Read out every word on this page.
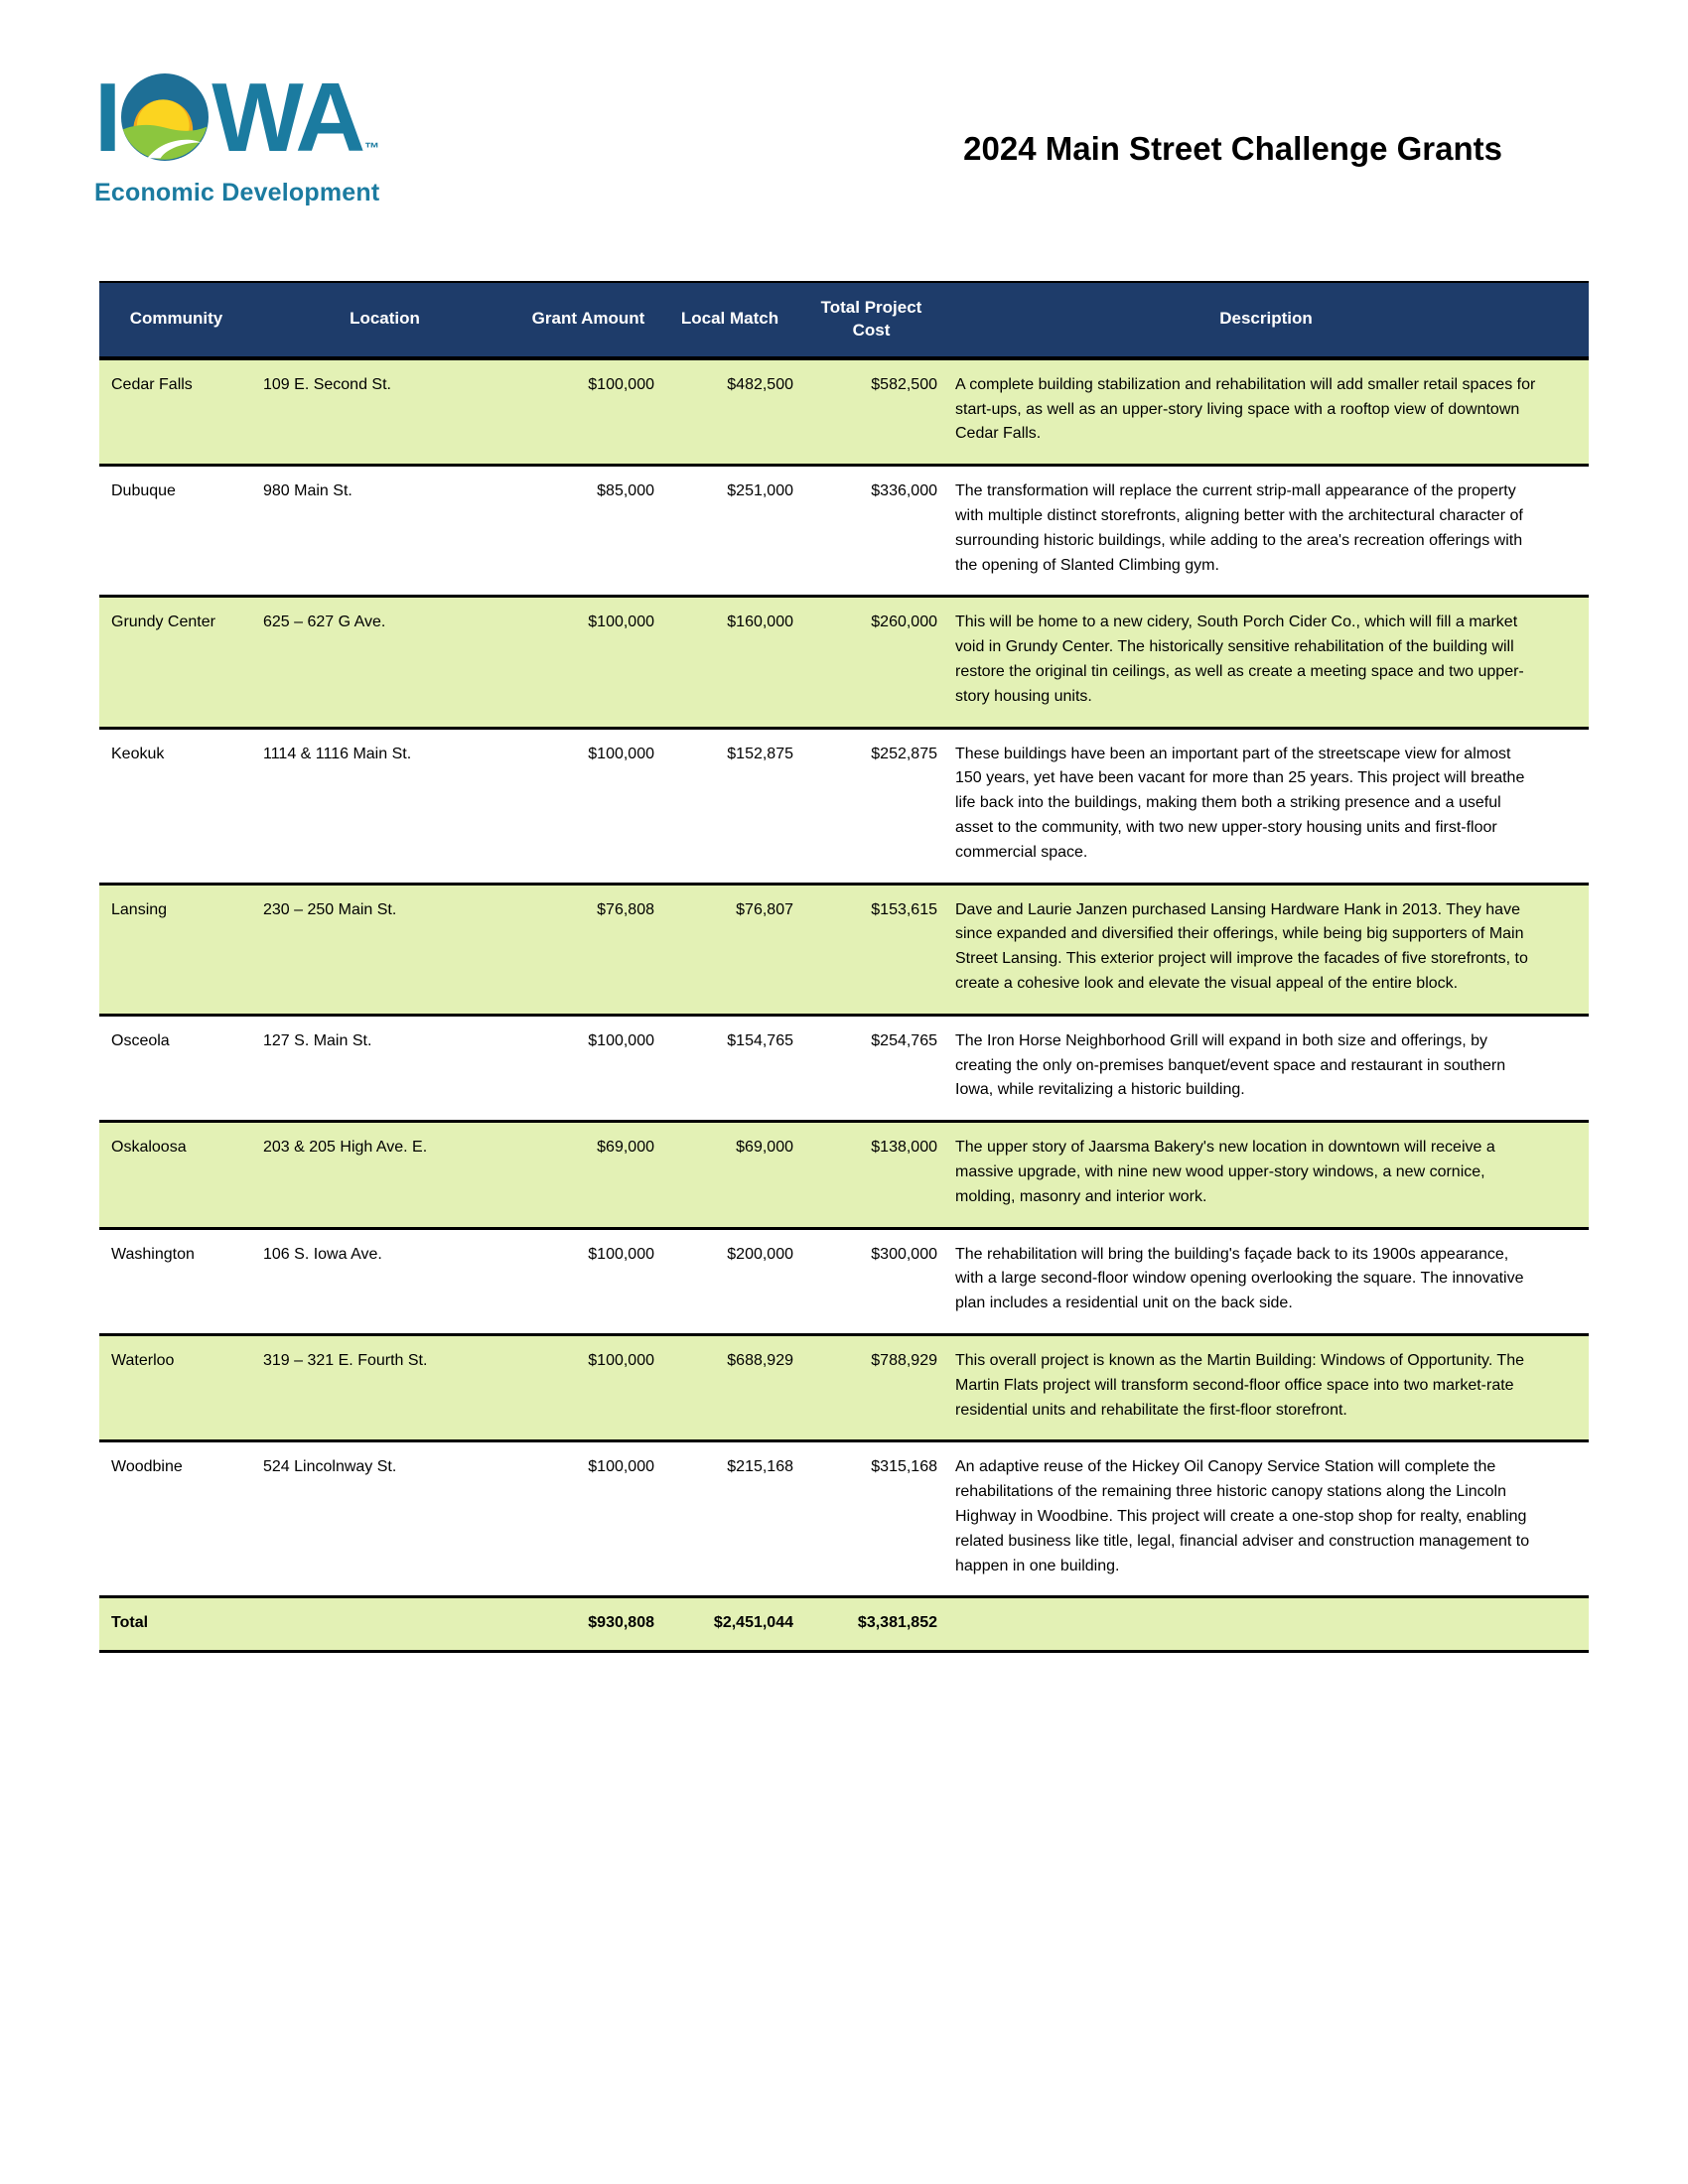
I WA ™
Economic Development
2024 Main Street Challenge Grants
Community	Location	Grant Amount	Local Match	Total Project Cost	Description
Cedar Falls	109 E. Second St.	$100,000	$482,500	$582,500	A complete building stabilization and rehabilitation will add smaller retail spaces for start-ups, as well as an upper-story living space with a rooftop view of downtown Cedar Falls.
Dubuque	980 Main St.	$85,000	$251,000	$336,000	The transformation will replace the current strip-mall appearance of the property with multiple distinct storefronts, aligning better with the architectural character of surrounding historic buildings, while adding to the area's recreation offerings with the opening of Slanted Climbing gym.
Grundy Center	625 – 627 G Ave.	$100,000	$160,000	$260,000	This will be home to a new cidery, South Porch Cider Co., which will fill a market void in Grundy Center. The historically sensitive rehabilitation of the building will restore the original tin ceilings, as well as create a meeting space and two upper-story housing units.
Keokuk	1114 & 1116 Main St.	$100,000	$152,875	$252,875	These buildings have been an important part of the streetscape view for almost 150 years, yet have been vacant for more than 25 years. This project will breathe life back into the buildings, making them both a striking presence and a useful asset to the community, with two new upper-story housing units and first-floor commercial space.
Lansing	230 – 250 Main St.	$76,808	$76,807	$153,615	Dave and Laurie Janzen purchased Lansing Hardware Hank in 2013. They have since expanded and diversified their offerings, while being big supporters of Main Street Lansing. This exterior project will improve the facades of five storefronts, to create a cohesive look and elevate the visual appeal of the entire block.
Osceola	127 S. Main St.	$100,000	$154,765	$254,765	The Iron Horse Neighborhood Grill will expand in both size and offerings, by creating the only on-premises banquet/event space and restaurant in southern Iowa, while revitalizing a historic building.
Oskaloosa	203 & 205 High Ave. E.	$69,000	$69,000	$138,000	The upper story of Jaarsma Bakery's new location in downtown will receive a massive upgrade, with nine new wood upper-story windows, a new cornice, molding, masonry and interior work.
Washington	106 S. Iowa Ave.	$100,000	$200,000	$300,000	The rehabilitation will bring the building's façade back to its 1900s appearance, with a large second-floor window opening overlooking the square. The innovative plan includes a residential unit on the back side.
Waterloo	319 – 321 E. Fourth St.	$100,000	$688,929	$788,929	This overall project is known as the Martin Building: Windows of Opportunity. The Martin Flats project will transform second-floor office space into two market-rate residential units and rehabilitate the first-floor storefront.
Woodbine	524 Lincolnway St.	$100,000	$215,168	$315,168	An adaptive reuse of the Hickey Oil Canopy Service Station will complete the rehabilitations of the remaining three historic canopy stations along the Lincoln Highway in Woodbine. This project will create a one-stop shop for realty, enabling related business like title, legal, financial adviser and construction management to happen in one building.
Total		$930,808	$2,451,044	$3,381,852	
